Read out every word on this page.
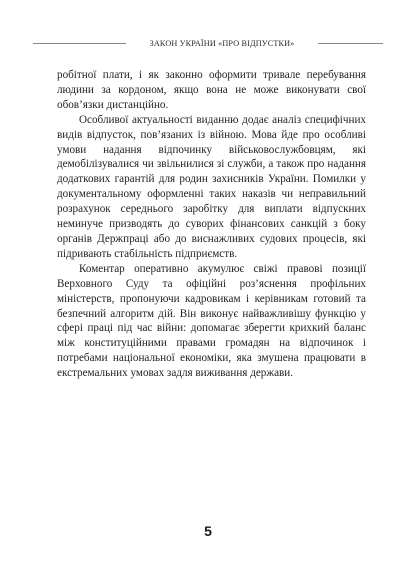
ЗАКОН УКРАЇНИ «ПРО ВІДПУСТКИ»

робітної плати, і як законно оформити тривале перебування людини за кордоном, якщо вона не може виконувати свої обов’язки дистанційно.

Особливої актуальності виданню додає аналіз специфічних видів відпусток, пов’язаних із війною. Мова йде про особливі умови надання відпочинку військовослужбовцям, які демобілізувалися чи звільнилися зі служби, а також про надання додаткових гарантій для родин захисників України. Помилки у документальному оформленні таких наказів чи неправильний розрахунок середнього заробітку для виплати відпускних неминуче призводять до суворих фінансових санкцій з боку органів Держпраці або до виснажливих судових процесів, які підривають стабільність підприємств.

Коментар оперативно акумулює свіжі правові позиції Верховного Суду та офіційні роз’яснення профільних міністерств, пропонуючи кадровикам і керівникам готовий та безпечний алгоритм дій. Він виконує найважливішу функцію у сфері праці під час війни: допомагає зберегти крихкий баланс між конституційними правами громадян на відпочинок і потребами національної економіки, яка змушена працювати в екстремальних умовах задля виживання держави.

5
